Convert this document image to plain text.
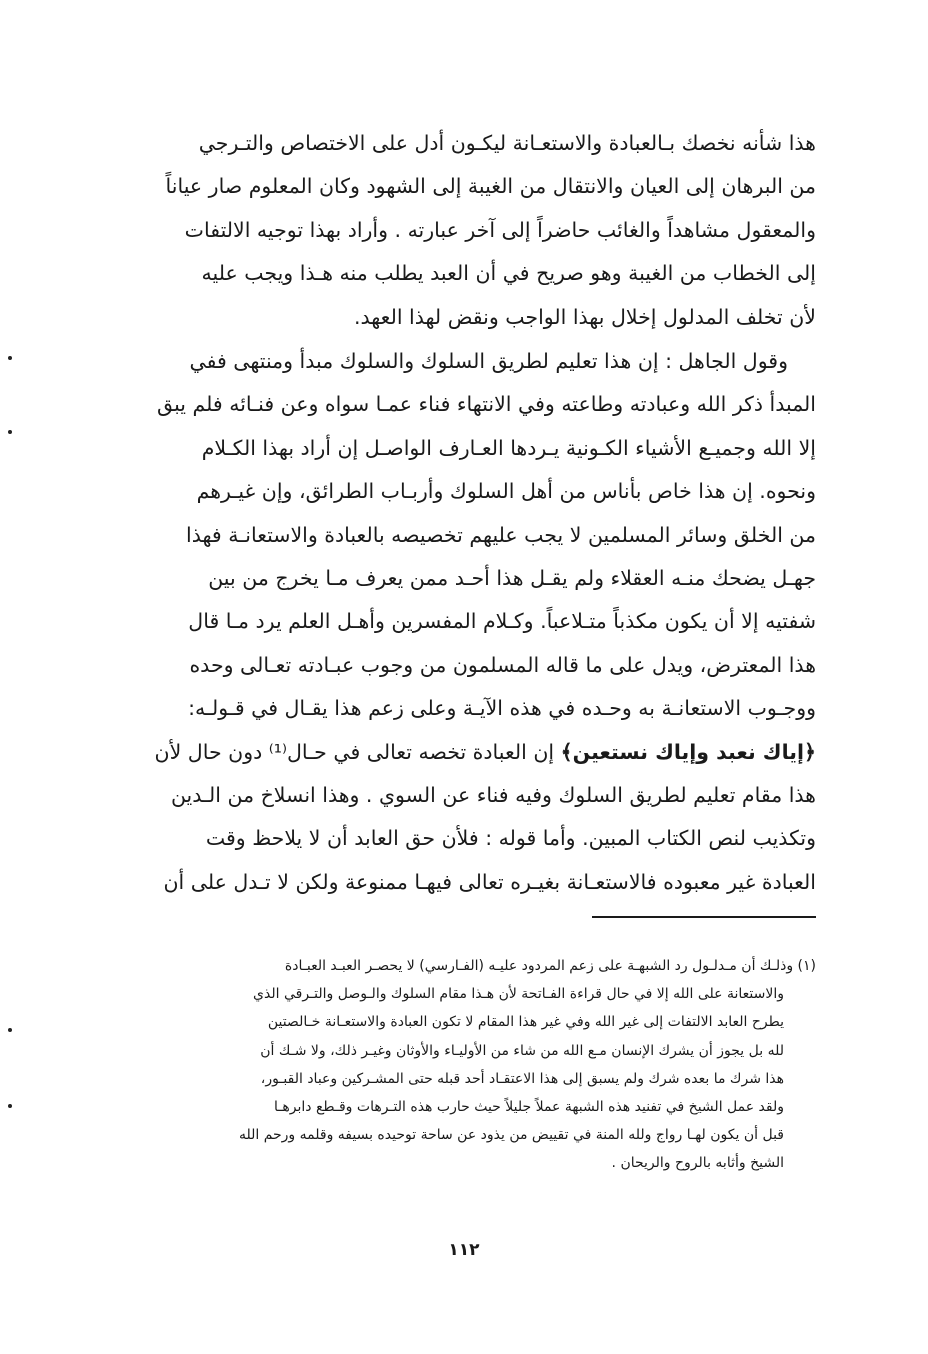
هذا شأنه نخصك بـالعبادة والاستعـانة ليكـون أدل على الاختصاص والتـرجي
من البرهان إلى العيان والانتقال من الغيبة إلى الشهود وكان المعلوم صار عياناً
والمعقول مشاهداً والغائب حاضراً إلى آخر عبارته . وأراد بهذا توجيه الالتفات
إلى الخطاب من الغيبة وهو صريح في أن العبد يطلب منه هـذا ويجب عليه
لأن تخلف المدلول إخلال بهذا الواجب ونقض لهذا العهد.
وقول الجاهل : إن هذا تعليم لطريق السلوك والسلوك مبدأ ومنتهى ففي
المبدأ ذكر الله وعبادته وطاعته وفي الانتهاء فناء عمـا سواه وعن فنـائه فلم يبق
إلا الله وجميـع الأشياء الكـونية يـردها العـارف الواصـل إن أراد بهذا الكـلام
ونحوه. إن هذا خاص بأناس من أهل السلوك وأربـاب الطرائق، وإن غيـرهم
من الخلق وسائر المسلمين لا يجب عليهم تخصيصه بالعبادة والاستعانـة فهذا
جهـل يضحك منـه العقلاء ولم يقـل هذا أحـد ممن يعرف مـا يخرج من بين
شفتيه إلا أن يكون مكذباً متـلاعباً. وكـلام المفسرين وأهـل العلم يرد مـا قال
هذا المعترض، ويدل على ما قاله المسلمون من وجوب عبـادته تعـالى وحده
ووجـوب الاستعانـة به وحـده في هذه الآيـة وعلى زعم هذا يقـال في قـولـه:
﴿إياك نعبد وإياك نستعين﴾ إن العبادة تخصه تعالى في حـال⁽¹⁾ دون حال لأن
هذا مقام تعليم لطريق السلوك وفيه فناء عن السوي . وهذا انسلاخ من الـدين
وتكذيب لنص الكتاب المبين. وأما قوله : فلأن حق العابد أن لا يلاحظ وقت
العبادة غير معبوده فالاستعـانة بغيـره تعالى فيهـا ممنوعة ولكن لا تـدل على أن
(١) وذلـك أن مـدلـول رد الشبهـة على زعم المردود عليـه (الفـارسي) لا يحصـر العبـد العبـادة
والاستعانة على الله إلا في حال قراءة الفـاتحة لأن هـذا مقام السلوك والـوصل والتـرقي الذي
يطرح العابد الالتفات إلى غير الله وفي غير هذا المقام لا تكون العبادة والاستعـانة خـالصتين
لله بل يجوز أن يشرك الإنسان مـع الله من شاء من الأوليـاء والأوثان وغيـر ذلك، ولا شـك أن
هذا شرك ما بعده شرك ولم يسبق إلى هذا الاعتقـاد أحد قبله حتى المشـركين وعباد القبـور،
ولقد عمل الشيخ في تفنيد هذه الشبهة عملاً جليلاً حيث حارب هذه التـرهات وقـطع دابرهـا
قبل أن يكون لهـا رواج ولله المنة في تقييض من يذود عن ساحة توحيده بسيفه وقلمه ورحم الله
الشيخ وأثابه بالروح والريحان .
١١٢
